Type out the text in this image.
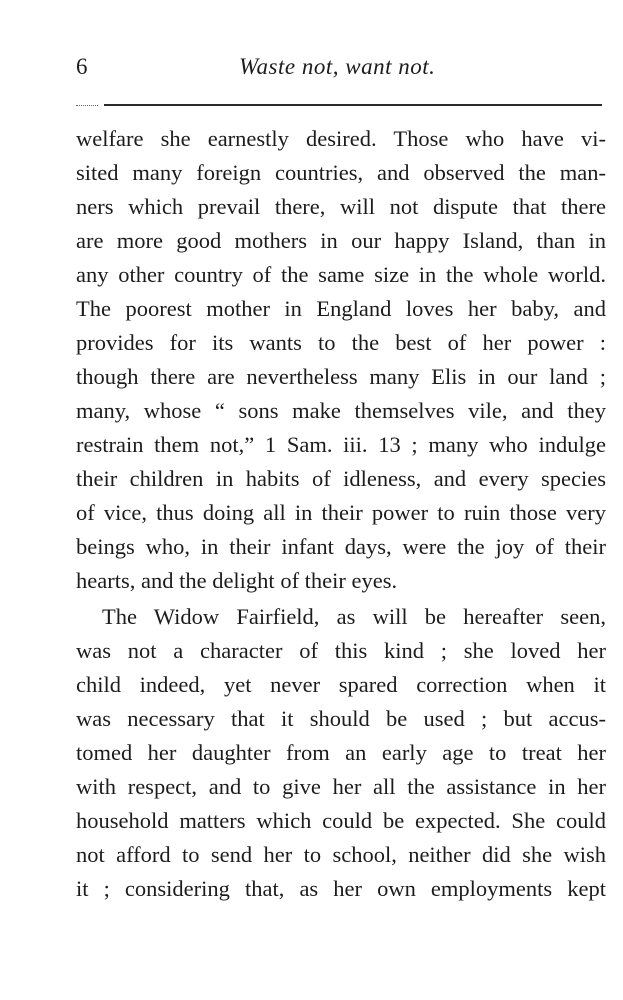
6	Waste not, want not.
welfare she earnestly desired. Those who have vi-
sited many foreign countries, and observed the man-
ners which prevail there, will not dispute that there
are more good mothers in our happy Island, than in
any other country of the same size in the whole world.
The poorest mother in England loves her baby, and
provides for its wants to the best of her power :
though there are nevertheless many Elis in our land ;
many, whose “ sons make themselves vile, and they
restrain them not,” 1 Sam. iii. 13 ; many who indulge
their children in habits of idleness, and every species
of vice, thus doing all in their power to ruin those very
beings who, in their infant days, were the joy of their
hearts, and the delight of their eyes.
The Widow Fairfield, as will be hereafter seen,
was not a character of this kind ; she loved her
child indeed, yet never spared correction when it
was necessary that it should be used ; but accus-
tomed her daughter from an early age to treat her
with respect, and to give her all the assistance in her
household matters which could be expected. She could
not afford to send her to school, neither did she wish
it ; considering that, as her own employments kept
